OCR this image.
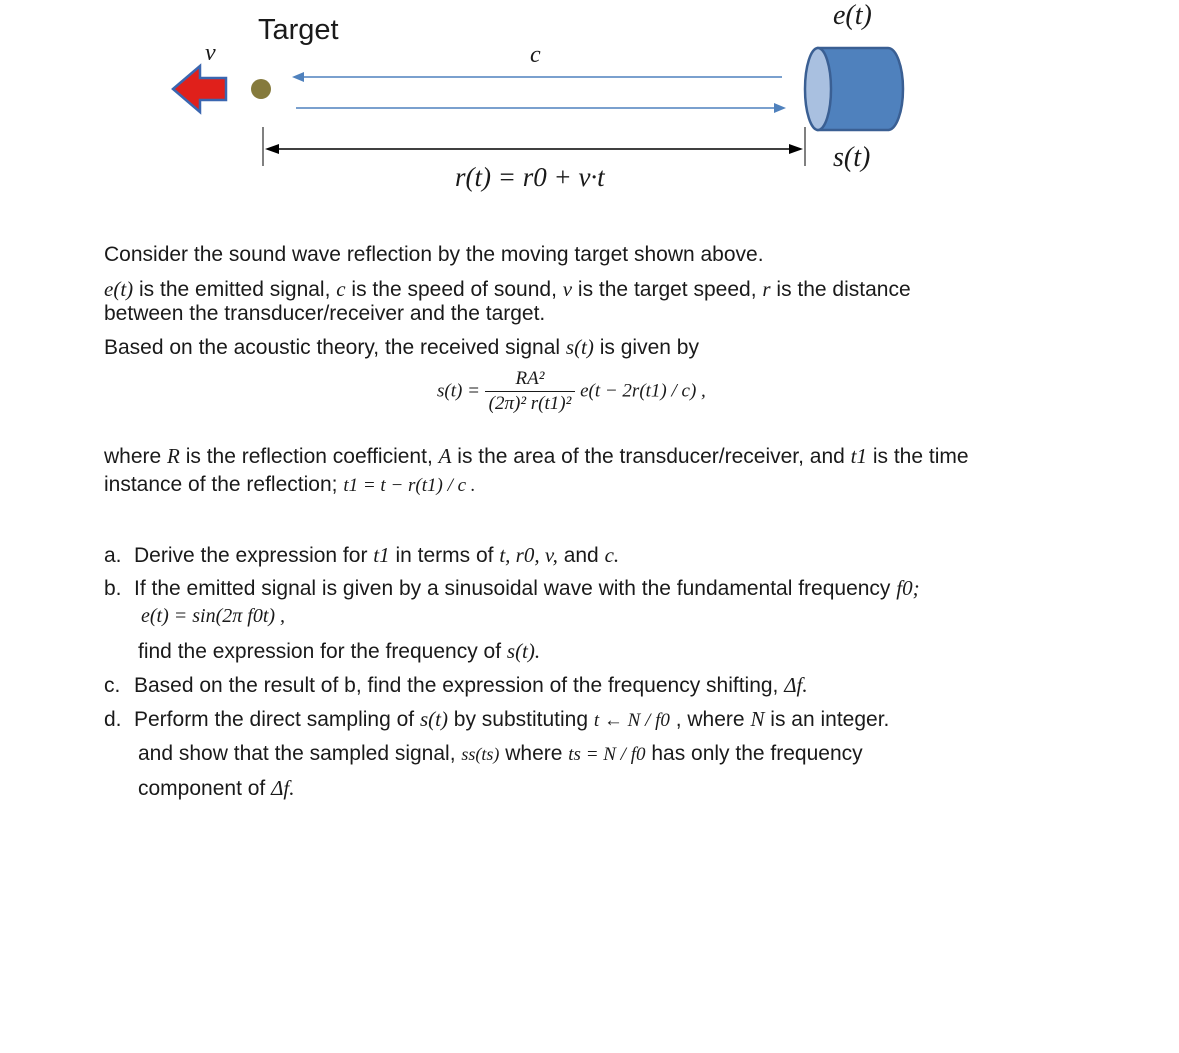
Target
v	c
e(t)
s(t)
r(t) = r0 + v·t
Consider the sound wave reflection by the moving target shown above.
e(t) is the emitted signal, c is the speed of sound, v is the target speed, r is the distance
between the transducer/receiver and the target.
Based on the acoustic theory, the received signal s(t) is given by
$s(t) = \frac{\text{RA²}}{\text{(2π)² r(t1)²}} e(t - 2r(t1) / c)$ ,
where R is the reflection coefficient, A is the area of the transducer/receiver, and t1 is the time
instance of the reflection; t1 = t − r(t1) / c .
a. Derive the expression for t1 in terms of t, r0, v, and c.
b. If the emitted signal is given by a sinusoidal wave with the fundamental frequency f0;
e(t) = sin(2π f0t) ,
find the expression for the frequency of s(t).
c. Based on the result of b, find the expression of the frequency shifting, Δf.
d. Perform the direct sampling of s(t) by substituting t ← N / f0 , where N is an integer.
and show that the sampled signal, ss(ts) where ts = N / f0 has only the frequency
component of Δf.
